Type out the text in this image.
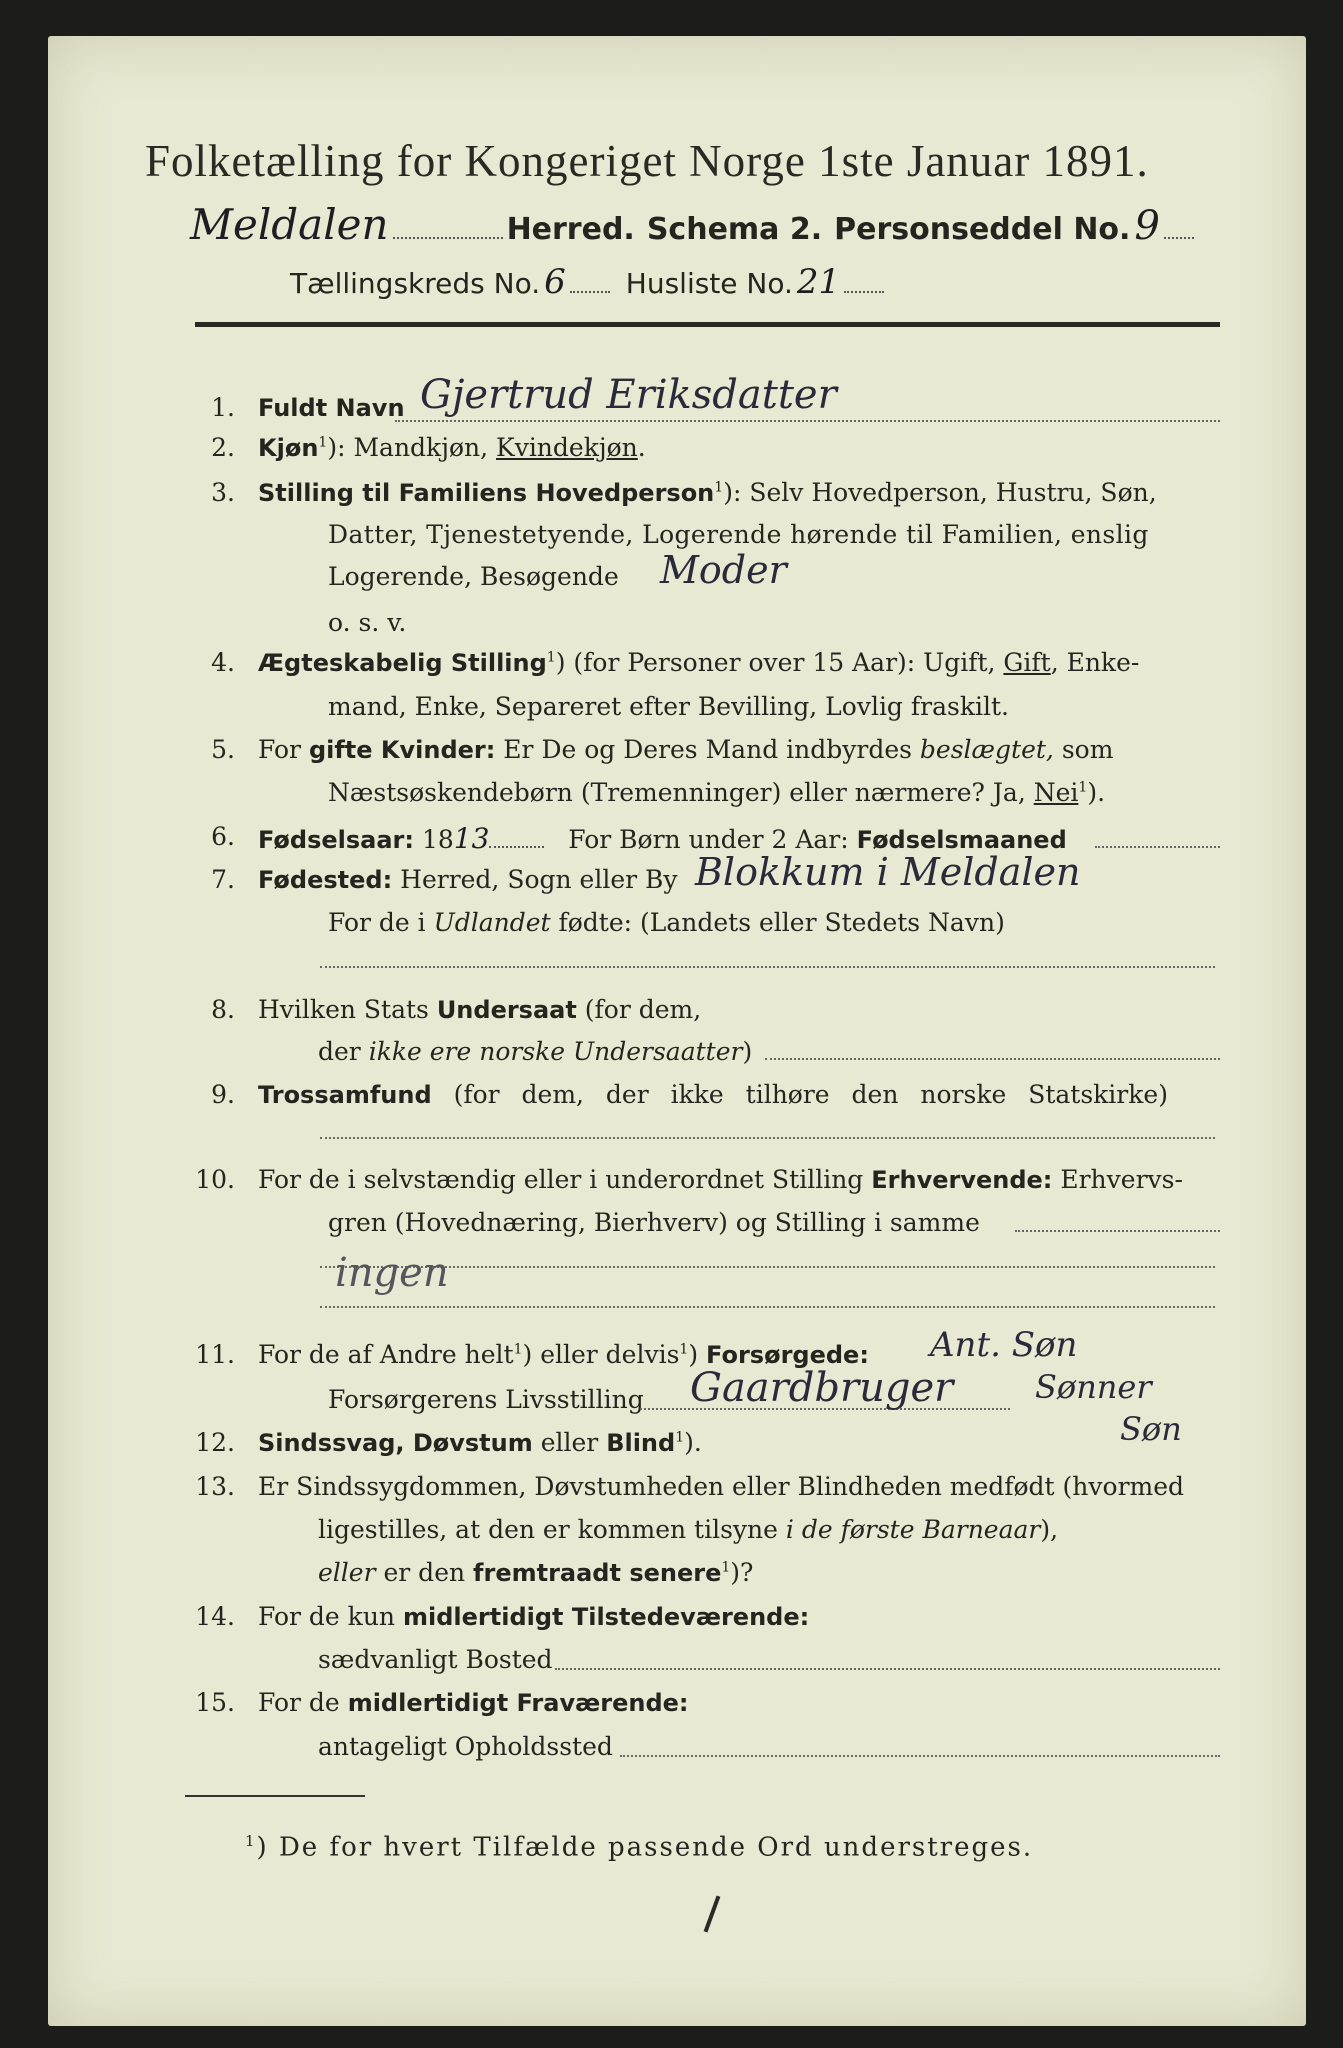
Folketælling for Kongeriget Norge 1ste Januar 1891.
Meldalen	Herred. Schema 2. Personseddel No. 9
Tællingskreds No. 6 Husliste No. 21
1. Fuldt Navn Gjertrud Eriksdatter
2. Kjøn$^1$): Mandkjøn, Kvindekjøn.
3. Stilling til Familiens Hovedperson$^1$): Selv Hovedperson, Hustru, Søn,
Datter, Tjenestetyende, Logerende hørende til Familien, enslig
Logerende, Besøgende Moder
o. s. v.
4. Ægteskabelig Stilling$^1$) (for Personer over 15 Aar): Ugift, Gift, Enke-
mand, Enke, Separeret efter Bevilling, Lovlig fraskilt.
5. For gifte Kvinder: Er De og Deres Mand indbyrdes beslægtet, som
Næstsøskendebørn (Tremenninger) eller nærmere? Ja, Nei$^1$).
6. Fødselsaar: 1813	For Børn under 2 Aar: Fødselsmaaned
7. Fødested: Herred, Sogn eller By Blokkum i Meldalen
For de i Udlandet fødte: (Landets eller Stedets Navn)
8. Hvilken Stats Undersaat (for dem,
der ikke ere norske Undersaatter)
9. Trossamfund (for dem, der ikke tilhøre den norske Statskirke)
10. For de i selvstændig eller i underordnet Stilling Erhvervende: Erhvervs-
gren (Hovednæring, Bierhverv) og Stilling i samme
ingen
11. For de af Andre helt$^1$) eller delvis$^1$) Forsørgede: Ant. Søn
Forsørgerens Livsstilling Gaardbruger	Sønner
Søn
12. Sindssvag, Døvstum eller Blind$^1$).
13. Er Sindssygdommen, Døvstumheden eller Blindheden medfødt (hvormed
ligestilles, at den er kommen tilsyne i de første Barneaar),
eller er den fremtraadt senere$^1$)?
14. For de kun midlertidigt Tilstedeværende:
sædvanligt Bosted
15. For de midlertidigt Fraværende:
antageligt Opholdssted
$^1$) De for hvert Tilfælde passende Ord understreges.
